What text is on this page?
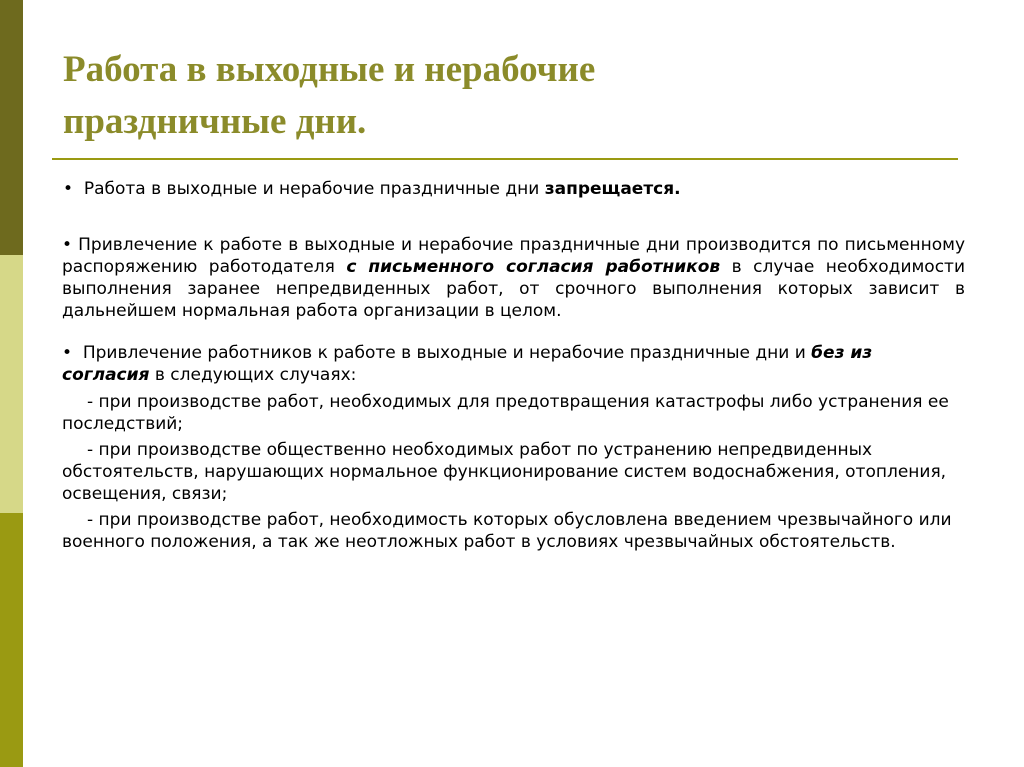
Работа в выходные и нерабочие
праздничные дни.
• Работа в выходные и нерабочие праздничные дни запрещается.
• Привлечение к работе в выходные и нерабочие праздничные дни производится по письменному распоряжению работодателя с письменного согласия работников в случае необходимости выполнения заранее непредвиденных работ, от срочного выполнения которых зависит в дальнейшем нормальная работа организации в целом.
• Привлечение работников к работе в выходные и нерабочие праздничные дни и без из согласия в следующих случаях:
- при производстве работ, необходимых для предотвращения катастрофы либо устранения ее последствий;
- при производстве общественно необходимых работ по устранению непредвиденных обстоятельств, нарушающих нормальное функционирование систем водоснабжения, отопления, освещения, связи;
- при производстве работ, необходимость которых обусловлена введением чрезвычайного или военного положения, а так же неотложных работ в условиях чрезвычайных обстоятельств.
